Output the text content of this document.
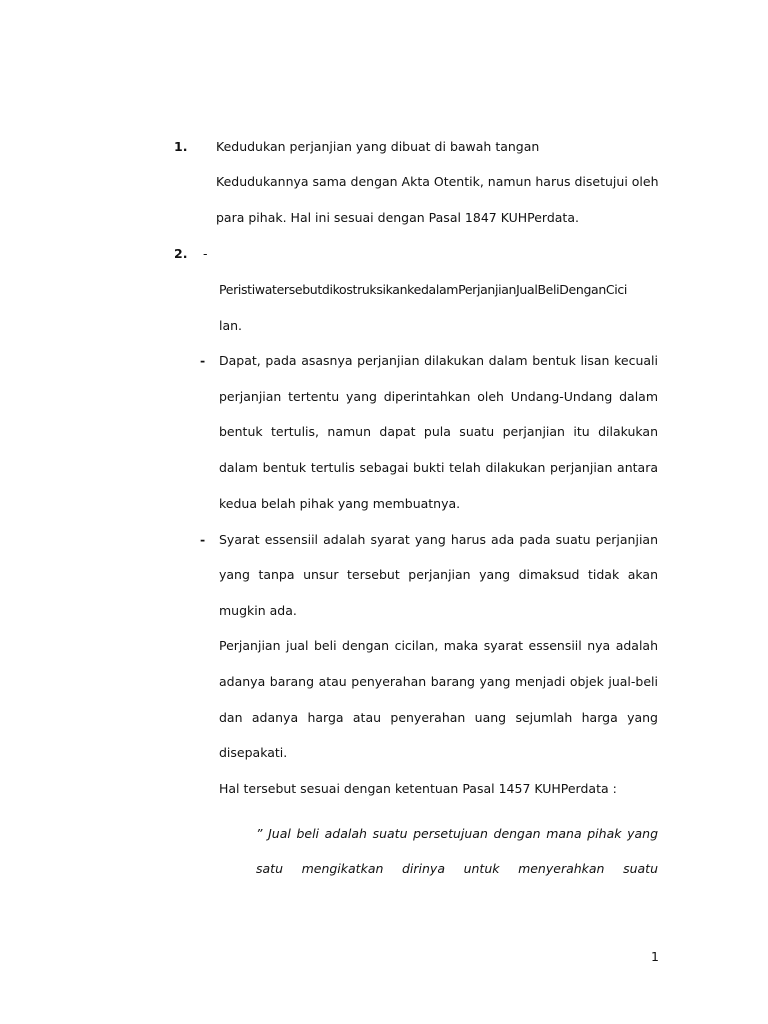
1. Kedudukan perjanjian yang dibuat di bawah tangan
Kedudukannya sama dengan Akta Otentik, namun harus disetujui oleh
para pihak. Hal ini sesuai dengan Pasal 1847 KUHPerdata.
2. -
PeristiwatersebutdikostruksikankedalamPerjanjianJualBeliDenganCici
lan.
- Dapat, pada asasnya perjanjian dilakukan dalam bentuk lisan kecuali
perjanjian tertentu yang diperintahkan oleh Undang-Undang dalam
bentuk tertulis, namun dapat pula suatu perjanjian itu dilakukan
dalam bentuk tertulis sebagai bukti telah dilakukan perjanjian antara
kedua belah pihak yang membuatnya.
- Syarat essensiil adalah syarat yang harus ada pada suatu perjanjian
yang tanpa unsur tersebut perjanjian yang dimaksud tidak akan
mugkin ada.
Perjanjian jual beli dengan cicilan, maka syarat essensiil nya adalah
adanya barang atau penyerahan barang yang menjadi objek jual-beli
dan adanya harga atau penyerahan uang sejumlah harga yang
disepakati.
Hal tersebut sesuai dengan ketentuan Pasal 1457 KUHPerdata :
” Jual beli adalah suatu persetujuan dengan mana pihak yang
satu mengikatkan dirinya untuk menyerahkan suatu
1
